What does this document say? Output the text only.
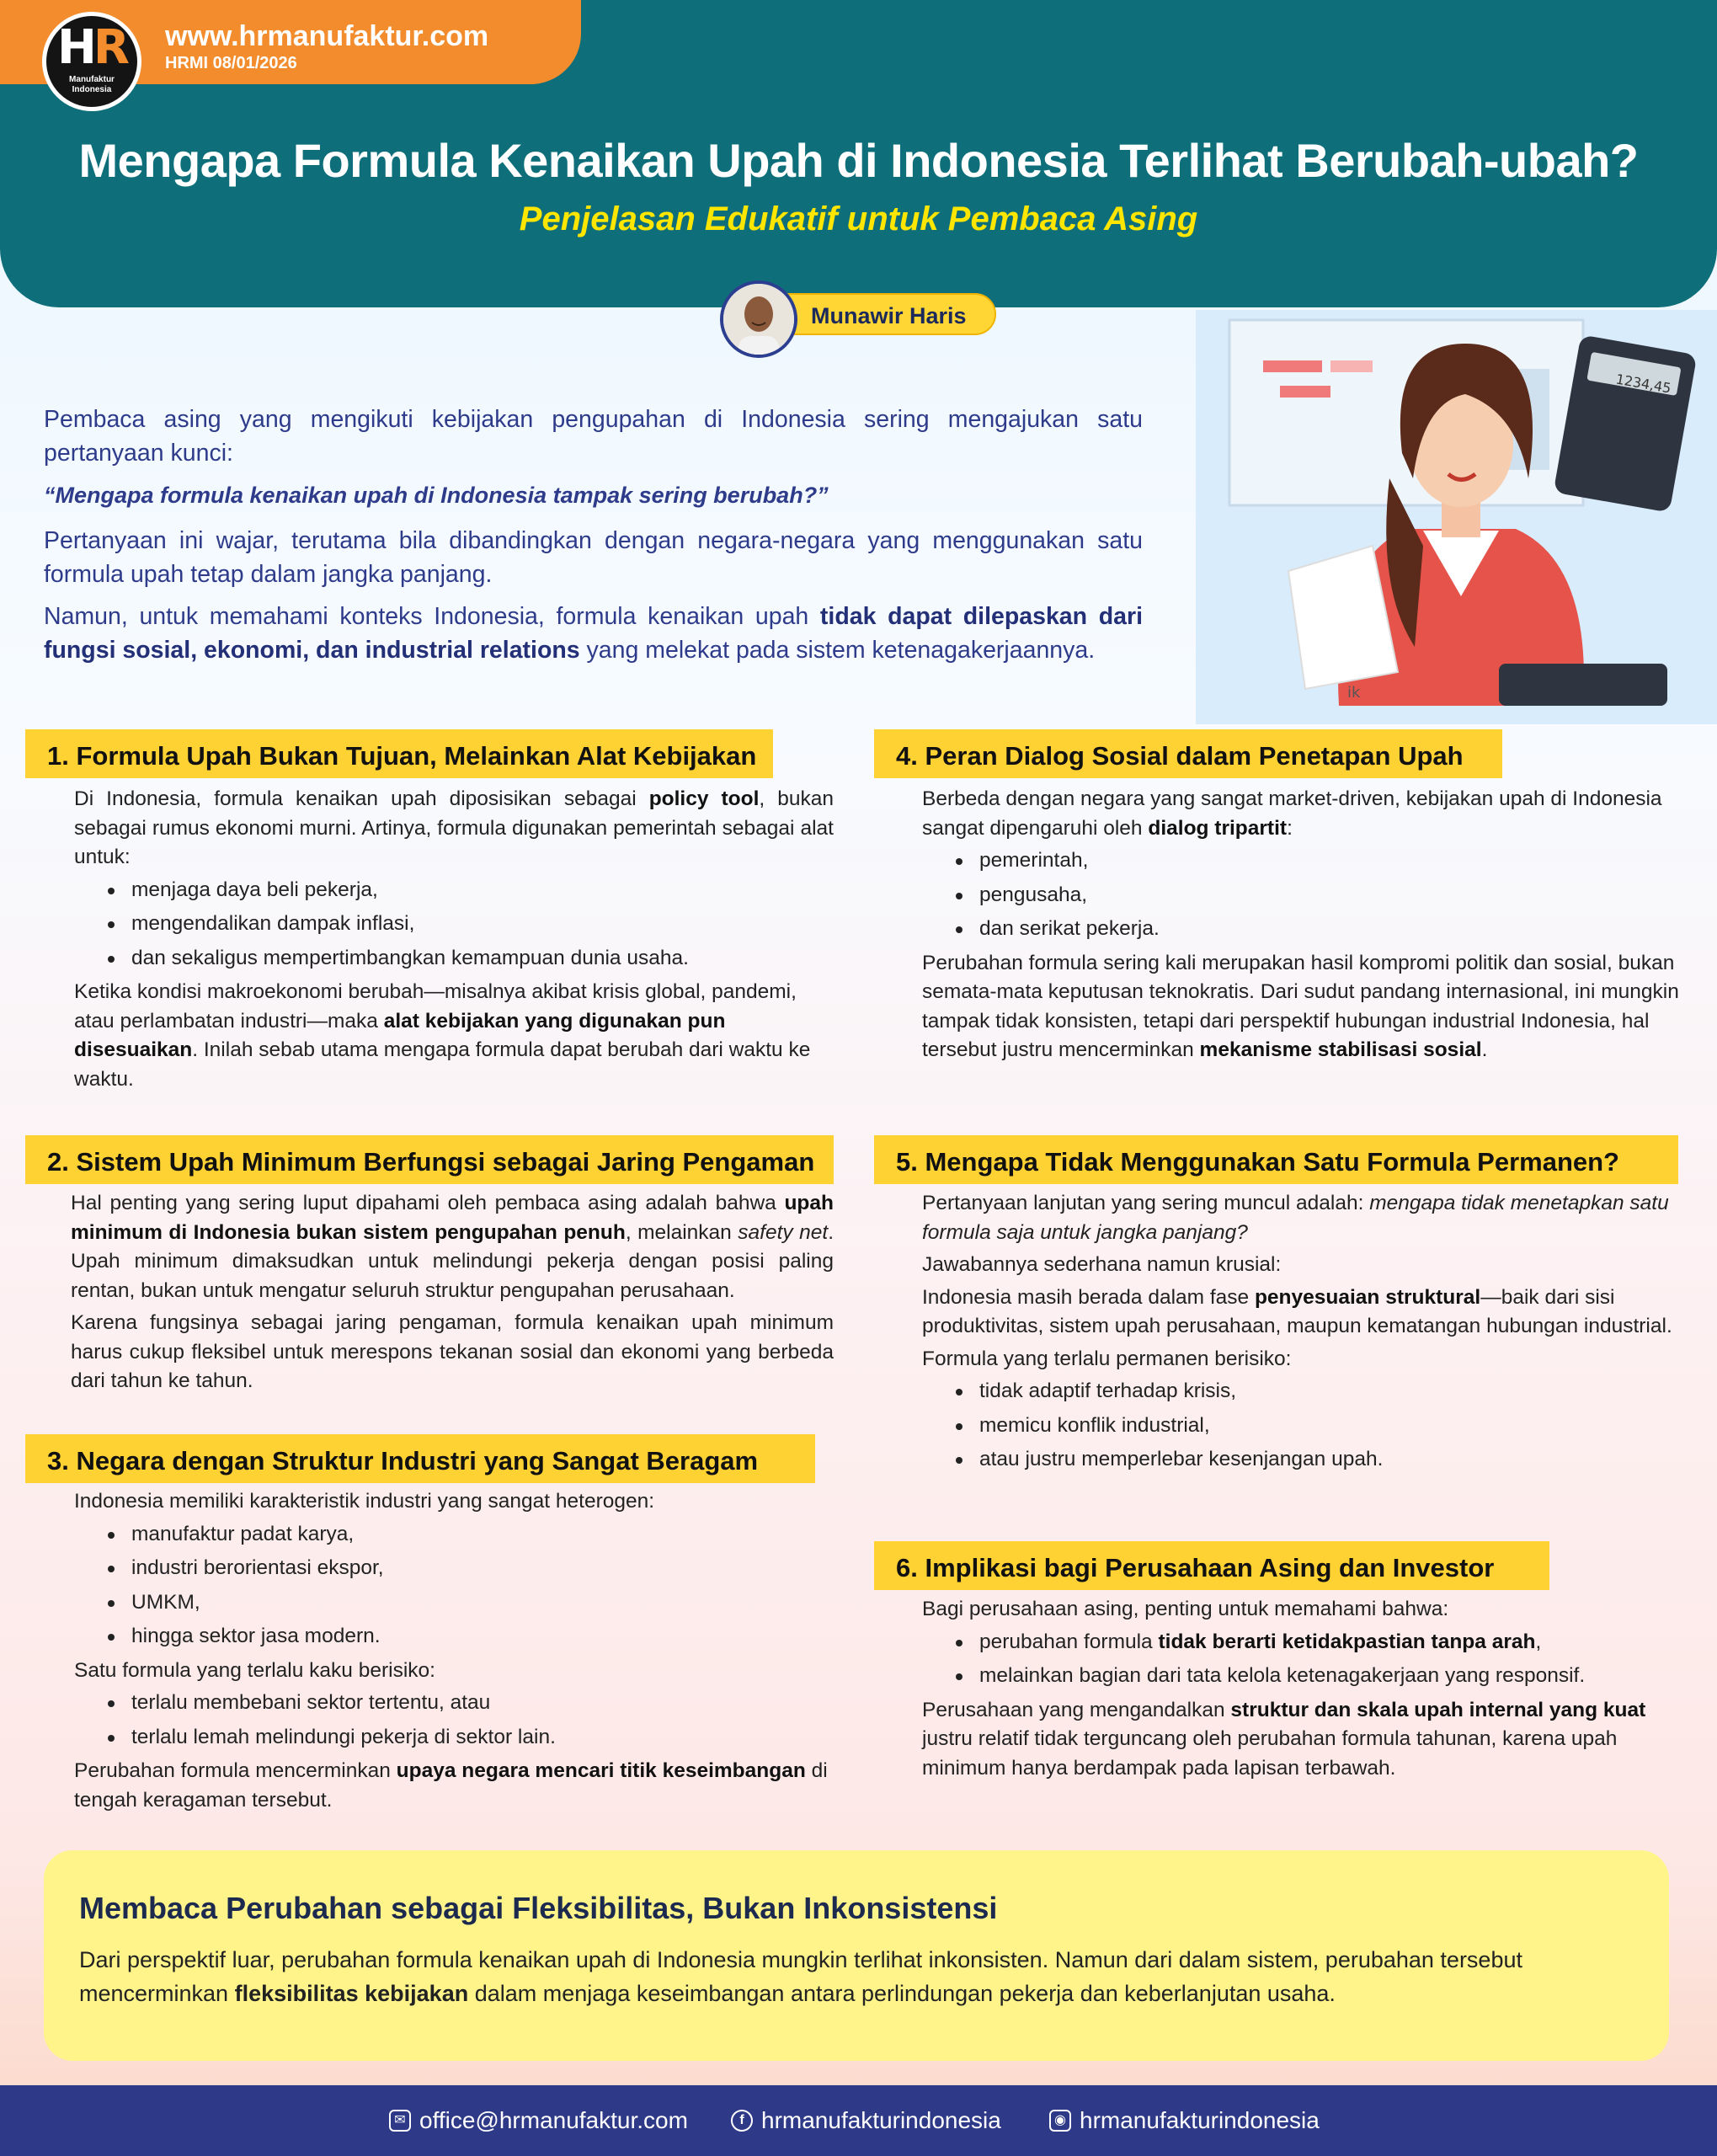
HR
Manufaktur
Indonesia
www.hrmanufaktur.com
HRMI 08/01/2026
Mengapa Formula Kenaikan Upah di Indonesia Terlihat Berubah-ubah?
Penjelasan Edukatif untuk Pembaca Asing
Munawir Haris

Pembaca asing yang mengikuti kebijakan pengupahan di Indonesia sering mengajukan satu pertanyaan kunci:

“Mengapa formula kenaikan upah di Indonesia tampak sering berubah?”

Pertanyaan ini wajar, terutama bila dibandingkan dengan negara-negara yang menggunakan satu formula upah tetap dalam jangka panjang.

Namun, untuk memahami konteks Indonesia, formula kenaikan upah tidak dapat dilepaskan dari fungsi sosial, ekonomi, dan industrial relations yang melekat pada sistem ketenagakerjaannya.

1234,45
ik
1. Formula Upah Bukan Tujuan, Melainkan Alat Kebijakan

Di Indonesia, formula kenaikan upah diposisikan sebagai policy tool, bukan sebagai rumus ekonomi murni. Artinya, formula digunakan pemerintah sebagai alat untuk:

menjaga daya beli pekerja,
mengendalikan dampak inflasi,
dan sekaligus mempertimbangkan kemampuan dunia usaha.

Ketika kondisi makroekonomi berubah—misalnya akibat krisis global, pandemi, atau perlambatan industri—maka alat kebijakan yang digunakan pun disesuaikan. Inilah sebab utama mengapa formula dapat berubah dari waktu ke waktu.

2. Sistem Upah Minimum Berfungsi sebagai Jaring Pengaman

Hal penting yang sering luput dipahami oleh pembaca asing adalah bahwa upah minimum di Indonesia bukan sistem pengupahan penuh, melainkan safety net. Upah minimum dimaksudkan untuk melindungi pekerja dengan posisi paling rentan, bukan untuk mengatur seluruh struktur pengupahan perusahaan.

Karena fungsinya sebagai jaring pengaman, formula kenaikan upah minimum harus cukup fleksibel untuk merespons tekanan sosial dan ekonomi yang berbeda dari tahun ke tahun.

3. Negara dengan Struktur Industri yang Sangat Beragam

Indonesia memiliki karakteristik industri yang sangat heterogen:

manufaktur padat karya,
industri berorientasi ekspor,
UMKM,
hingga sektor jasa modern.

Satu formula yang terlalu kaku berisiko:

terlalu membebani sektor tertentu, atau
terlalu lemah melindungi pekerja di sektor lain.

Perubahan formula mencerminkan upaya negara mencari titik keseimbangan di tengah keragaman tersebut.

4. Peran Dialog Sosial dalam Penetapan Upah

Berbeda dengan negara yang sangat market-driven, kebijakan upah di Indonesia sangat dipengaruhi oleh dialog tripartit:

pemerintah,
pengusaha,
dan serikat pekerja.

Perubahan formula sering kali merupakan hasil kompromi politik dan sosial, bukan semata-mata keputusan teknokratis. Dari sudut pandang internasional, ini mungkin tampak tidak konsisten, tetapi dari perspektif hubungan industrial Indonesia, hal tersebut justru mencerminkan mekanisme stabilisasi sosial.

5. Mengapa Tidak Menggunakan Satu Formula Permanen?

Pertanyaan lanjutan yang sering muncul adalah: mengapa tidak menetapkan satu formula saja untuk jangka panjang?

Jawabannya sederhana namun krusial:

Indonesia masih berada dalam fase penyesuaian struktural—baik dari sisi produktivitas, sistem upah perusahaan, maupun kematangan hubungan industrial.

Formula yang terlalu permanen berisiko:

tidak adaptif terhadap krisis,
memicu konflik industrial,
atau justru memperlebar kesenjangan upah.
6. Implikasi bagi Perusahaan Asing dan Investor

Bagi perusahaan asing, penting untuk memahami bahwa:

perubahan formula tidak berarti ketidakpastian tanpa arah,
melainkan bagian dari tata kelola ketenagakerjaan yang responsif.

Perusahaan yang mengandalkan struktur dan skala upah internal yang kuat justru relatif tidak terguncang oleh perubahan formula tahunan, karena upah minimum hanya berdampak pada lapisan terbawah.

Membaca Perubahan sebagai Fleksibilitas, Bukan Inkonsistensi
Dari perspektif luar, perubahan formula kenaikan upah di Indonesia mungkin terlihat inkonsisten. Namun dari dalam sistem, perubahan tersebut mencerminkan fleksibilitas kebijakan dalam menjaga keseimbangan antara perlindungan pekerja dan keberlanjutan usaha.
✉ office@hrmanufaktur.com	f hrmanufakturindonesia	◉ hrmanufakturindonesia
